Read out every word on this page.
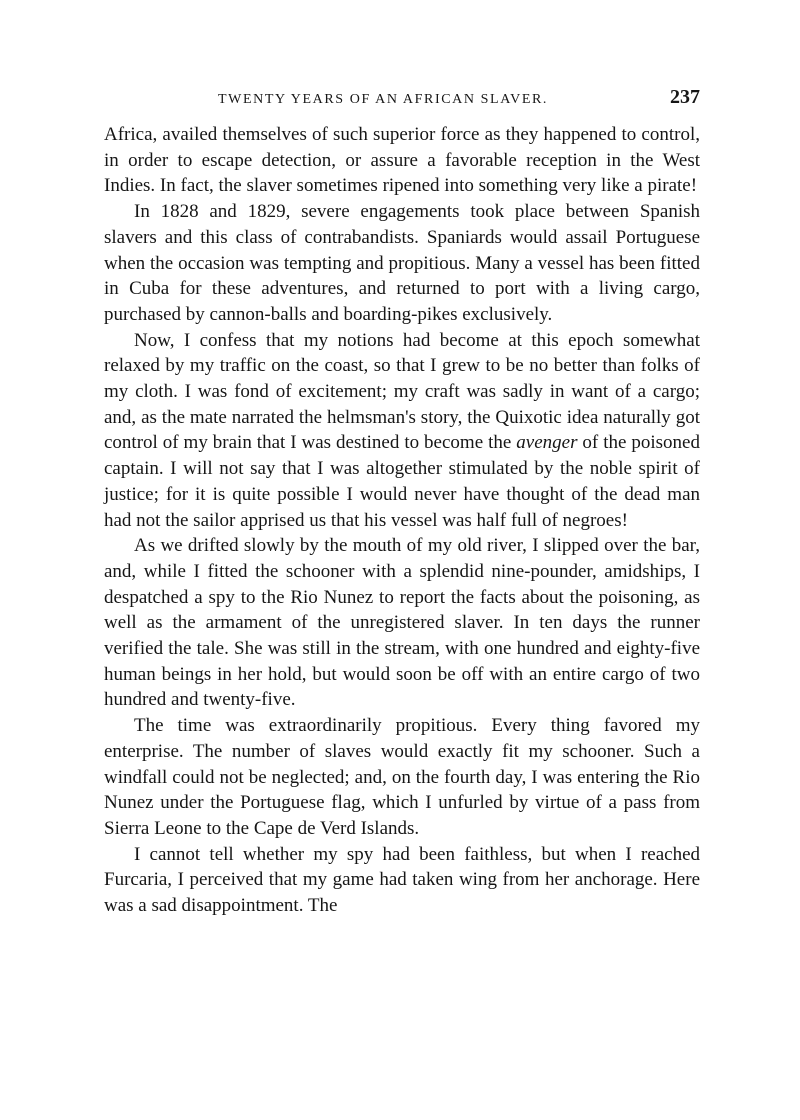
TWENTY YEARS OF AN AFRICAN SLAVER.	237

Africa, availed themselves of such superior force as they happened to control, in order to escape detection, or assure a favorable reception in the West Indies. In fact, the slaver sometimes ripened into something very like a pirate!

In 1828 and 1829, severe engagements took place between Spanish slavers and this class of contrabandists. Spaniards would assail Portuguese when the occasion was tempting and propitious. Many a vessel has been fitted in Cuba for these adventures, and returned to port with a living cargo, purchased by cannon-balls and boarding-pikes exclusively.

Now, I confess that my notions had become at this epoch somewhat relaxed by my traffic on the coast, so that I grew to be no better than folks of my cloth. I was fond of excitement; my craft was sadly in want of a cargo; and, as the mate narrated the helmsman's story, the Quixotic idea naturally got control of my brain that I was destined to become the avenger of the poisoned captain. I will not say that I was altogether stimulated by the noble spirit of justice; for it is quite possible I would never have thought of the dead man had not the sailor apprised us that his vessel was half full of negroes!

As we drifted slowly by the mouth of my old river, I slipped over the bar, and, while I fitted the schooner with a splendid nine-pounder, amidships, I despatched a spy to the Rio Nunez to report the facts about the poisoning, as well as the armament of the unregistered slaver. In ten days the runner verified the tale. She was still in the stream, with one hundred and eighty-five human beings in her hold, but would soon be off with an entire cargo of two hundred and twenty-five.

The time was extraordinarily propitious. Every thing favored my enterprise. The number of slaves would exactly fit my schooner. Such a windfall could not be neglected; and, on the fourth day, I was entering the Rio Nunez under the Portuguese flag, which I unfurled by virtue of a pass from Sierra Leone to the Cape de Verd Islands.

I cannot tell whether my spy had been faithless, but when I reached Furcaria, I perceived that my game had taken wing from her anchorage. Here was a sad disappointment. The
